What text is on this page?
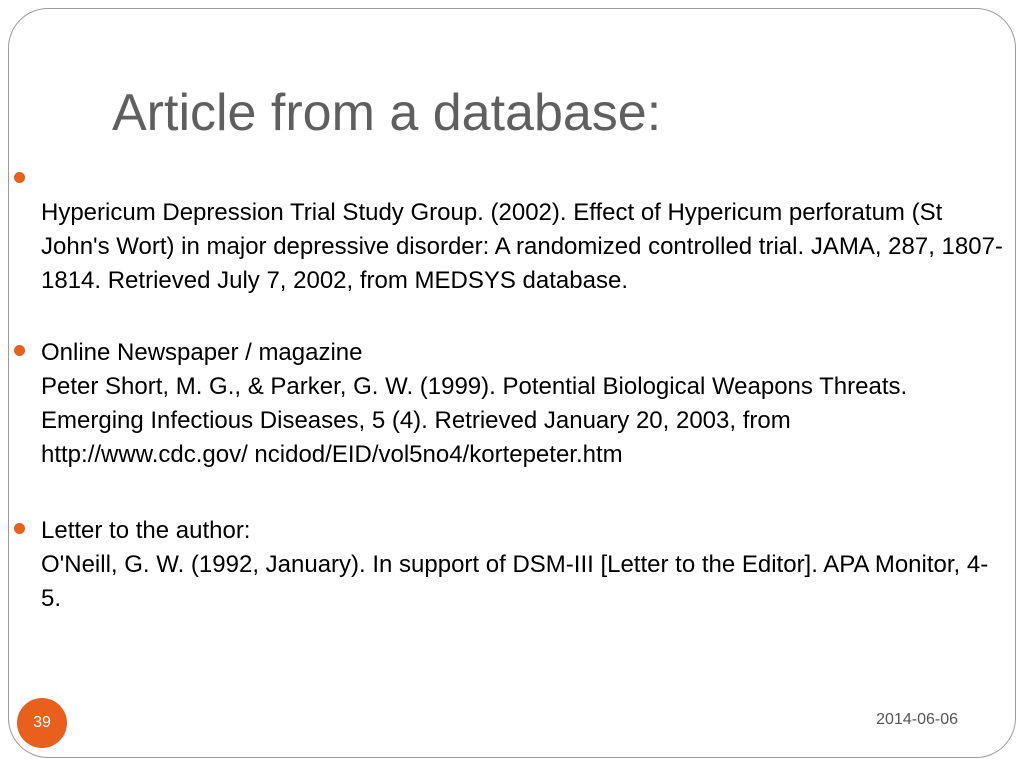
Article from a database:
Hypericum Depression Trial Study Group. (2002). Effect of Hypericum perforatum (St John's Wort) in major depressive disorder: A randomized controlled trial. JAMA, 287, 1807-1814. Retrieved July 7, 2002, from MEDSYS database.
Online Newspaper / magazine
Peter Short, M. G., & Parker, G. W. (1999). Potential Biological Weapons Threats. Emerging Infectious Diseases, 5 (4). Retrieved January 20, 2003, from http://www.cdc.gov/ ncidod/EID/vol5no4/kortepeter.htm
Letter to the author:
O'Neill, G. W. (1992, January). In support of DSM-III [Letter to the Editor]. APA Monitor, 4-5.
39	2014-06-06
